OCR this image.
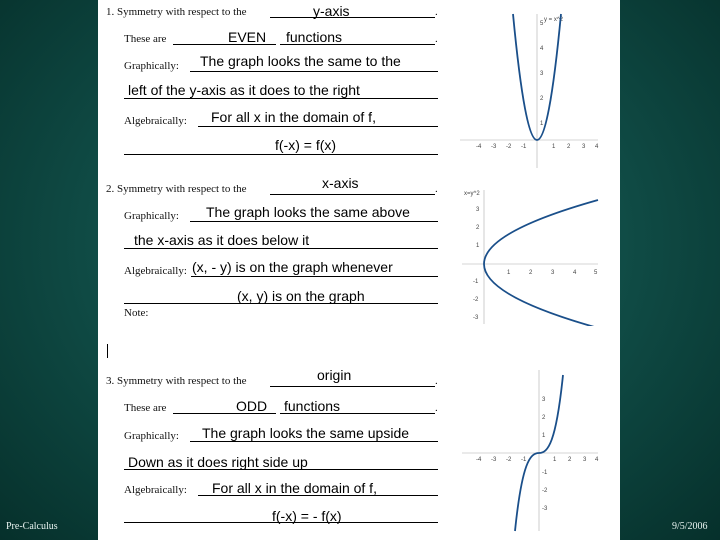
1. Symmetry with respect to the	.
y-axis
These are	.
EVEN functions
Graphically: The graph looks the same to the
left of the y-axis as it does to the right
Algebraically: For all x in the domain of f,
f(-x) = f(x)	-4 -3 -2 -1	1 2 3 4
1
2
3
4
5
y = x^2
2. Symmetry with respect to the	.
x-axis
Graphically: The graph looks the same above
the x-axis as it does below it
Algebraically: (x, - y) is on the graph whenever
(x, y) is on the graph
Note:
x=y^2
1	2	3	4	5
3
2
1
-1
-2
-3
3. Symmetry with respect to the	.
origin
These are	.
ODD functions
Graphically: The graph looks the same upside
Down as it does right side up
Algebraically: For all x in the domain of f,
f(-x) = - f(x)
-4 -3 -2 -1	1 2 3 4
3
2
1
-1
-2
-3
Pre-Calculus	9/5/2006
